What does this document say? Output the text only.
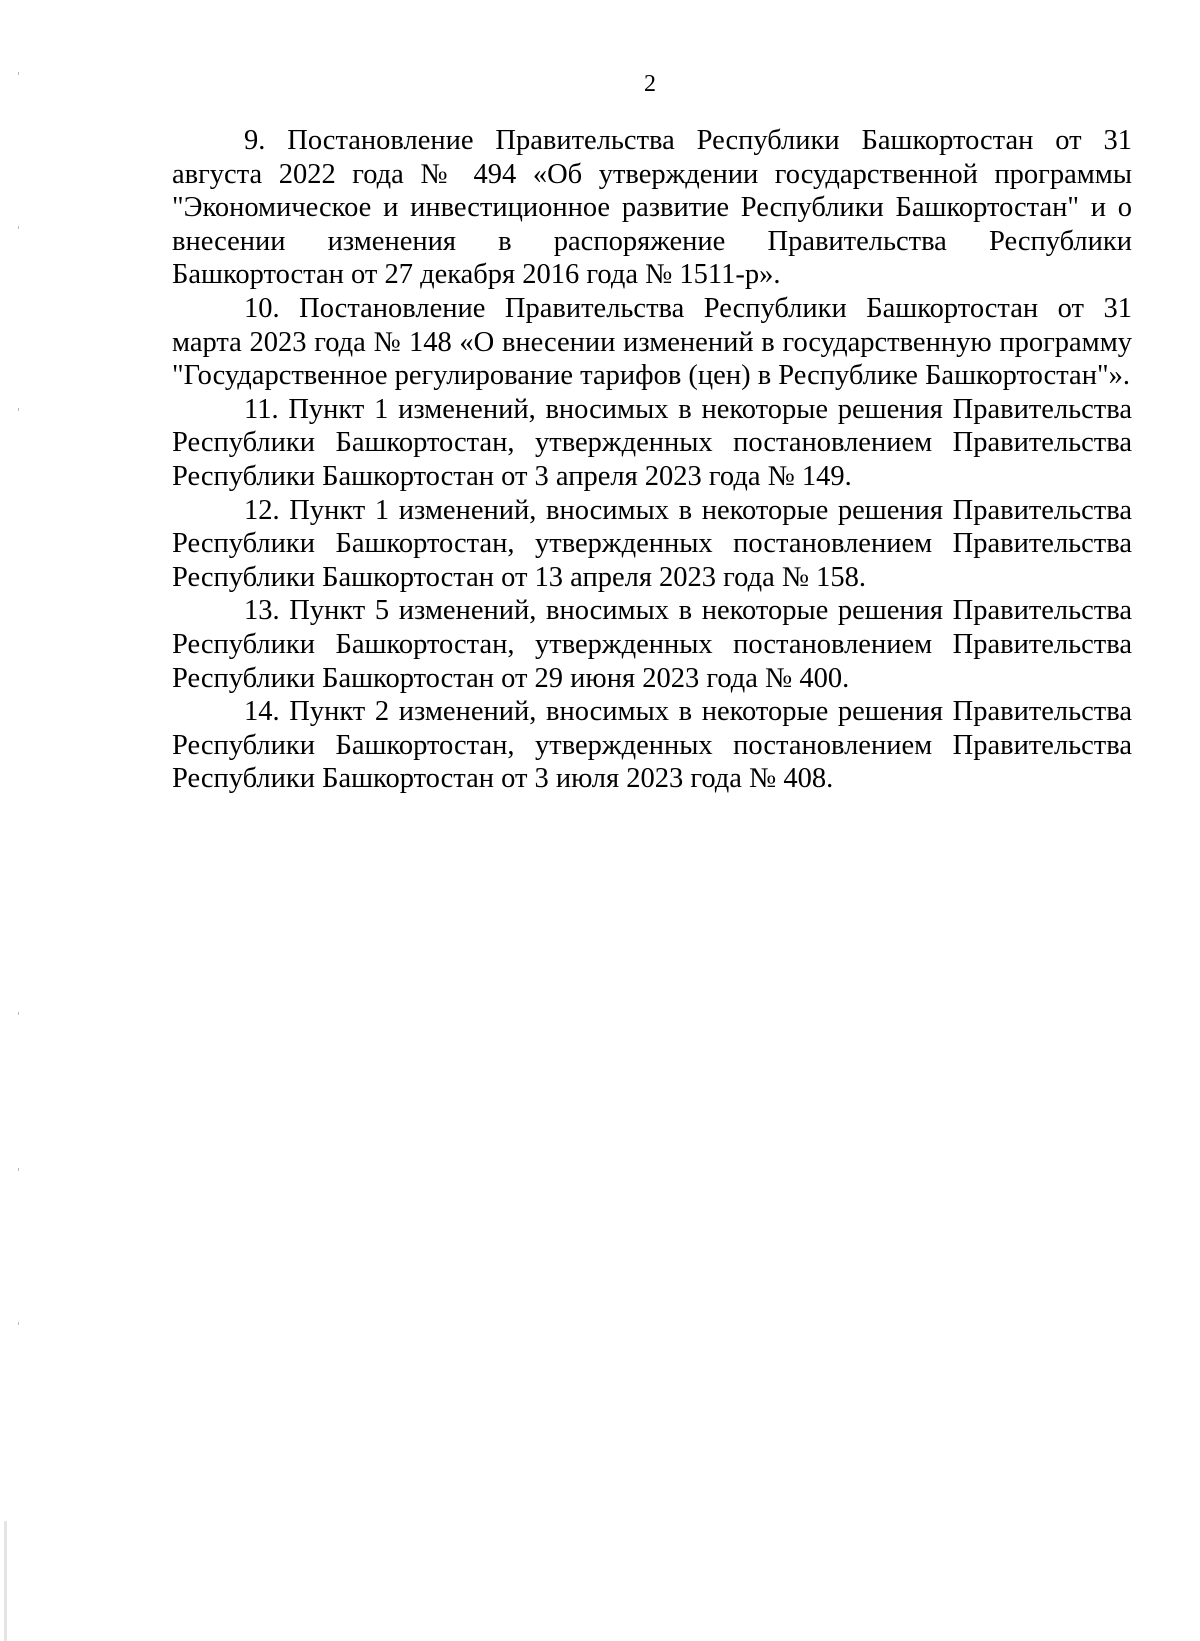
2

9. Постановление Правительства Республики Башкортостан от 31 августа 2022 года № 494 «Об утверждении государственной программы "Экономическое и инвестиционное развитие Республики Башкортостан" и о внесении изменения в распоряжение Правительства Республики Башкортостан от 27 декабря 2016 года № 1511-р».

10. Постановление Правительства Республики Башкортостан от 31 марта 2023 года № 148 «О внесении изменений в государственную программу "Государственное регулирование тарифов (цен) в Республике Башкортостан"».

11. Пункт 1 изменений, вносимых в некоторые решения Правительства Республики Башкортостан, утвержденных постановлением Правительства Республики Башкортостан от 3 апреля 2023 года № 149.

12. Пункт 1 изменений, вносимых в некоторые решения Правительства Республики Башкортостан, утвержденных постановлением Правительства Республики Башкортостан от 13 апреля 2023 года № 158.

13. Пункт 5 изменений, вносимых в некоторые решения Правительства Республики Башкортостан, утвержденных постановлением Правительства Республики Башкортостан от 29 июня 2023 года № 400.

14. Пункт 2 изменений, вносимых в некоторые решения Правительства Республики Башкортостан, утвержденных постановлением Правительства Республики Башкортостан от 3 июля 2023 года № 408.
